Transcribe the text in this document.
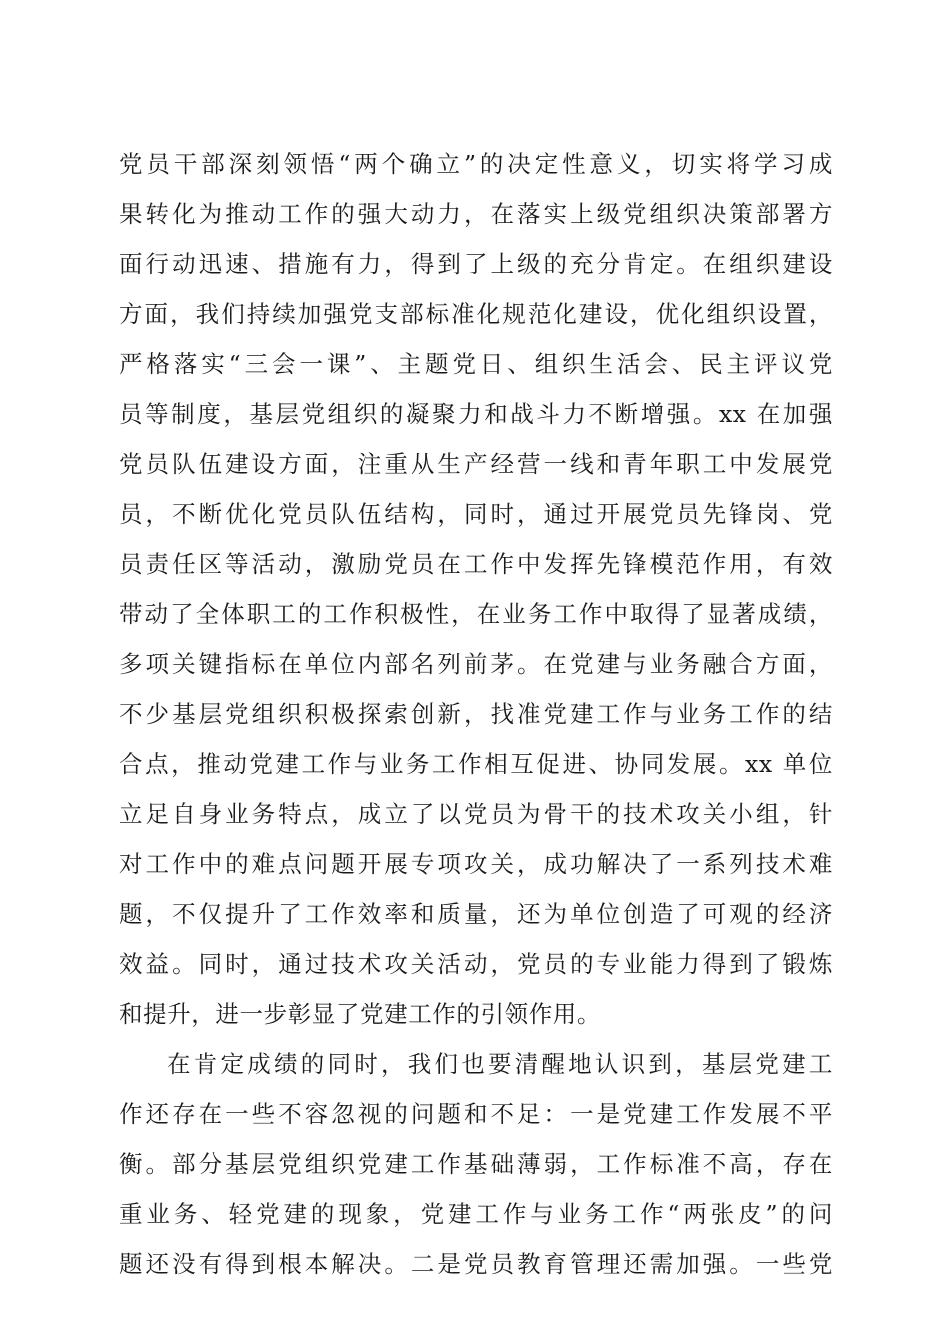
党员干部深刻领悟“两个确立”的决定性意义，切实将学习成
果转化为推动工作的强大动力，在落实上级党组织决策部署方
面行动迅速、措施有力，得到了上级的充分肯定。在组织建设
方面，我们持续加强党支部标准化规范化建设，优化组织设置，
严格落实“三会一课”、主题党日、组织生活会、民主评议党
员等制度，基层党组织的凝聚力和战斗力不断增强。xx 在加强
党员队伍建设方面，注重从生产经营一线和青年职工中发展党
员，不断优化党员队伍结构，同时，通过开展党员先锋岗、党
员责任区等活动，激励党员在工作中发挥先锋模范作用，有效
带动了全体职工的工作积极性，在业务工作中取得了显著成绩，
多项关键指标在单位内部名列前茅。在党建与业务融合方面，
不少基层党组织积极探索创新，找准党建工作与业务工作的结
合点，推动党建工作与业务工作相互促进、协同发展。xx 单位
立足自身业务特点，成立了以党员为骨干的技术攻关小组，针
对工作中的难点问题开展专项攻关，成功解决了一系列技术难
题，不仅提升了工作效率和质量，还为单位创造了可观的经济
效益。同时，通过技术攻关活动，党员的专业能力得到了锻炼
和提升，进一步彰显了党建工作的引领作用。
在肯定成绩的同时，我们也要清醒地认识到，基层党建工
作还存在一些不容忽视的问题和不足：一是党建工作发展不平
衡。部分基层党组织党建工作基础薄弱，工作标准不高，存在
重业务、轻党建的现象，党建工作与业务工作“两张皮”的问
题还没有得到根本解决。二是党员教育管理还需加强。一些党
